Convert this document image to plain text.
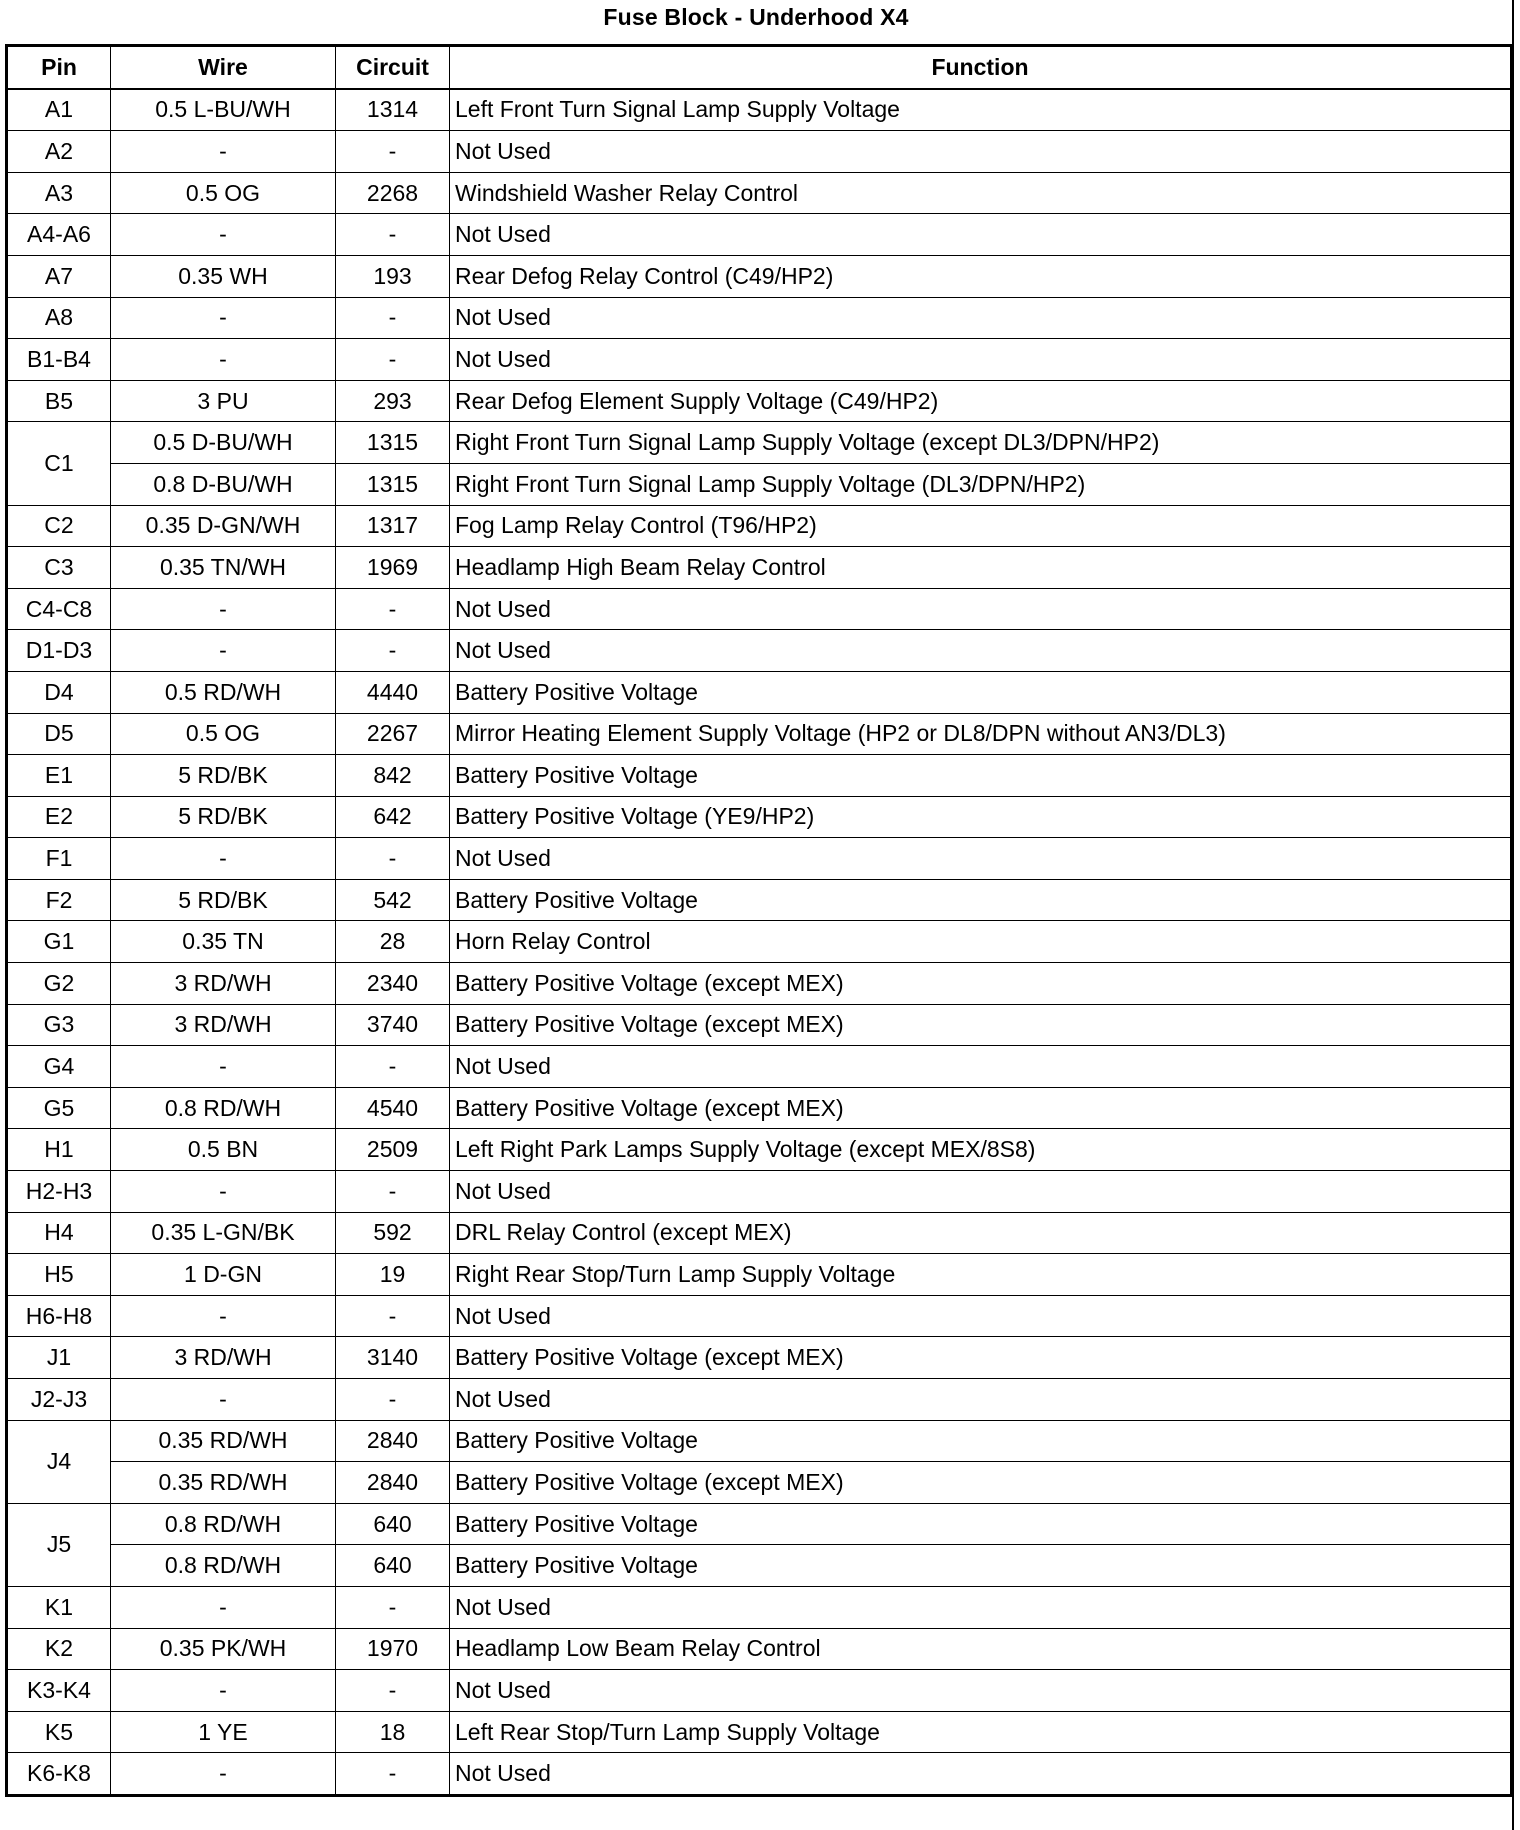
Fuse Block - Underhood X4
Pin	Wire	Circuit	Function
A1	0.5 L-BU/WH	1314	Left Front Turn Signal Lamp Supply Voltage
A2	-	-	Not Used
A3	0.5 OG	2268	Windshield Washer Relay Control
A4-A6	-	-	Not Used
A7	0.35 WH	193	Rear Defog Relay Control (C49/HP2)
A8	-	-	Not Used
B1-B4	-	-	Not Used
B5	3 PU	293	Rear Defog Element Supply Voltage (C49/HP2)
C1	0.5 D-BU/WH	1315	Right Front Turn Signal Lamp Supply Voltage (except DL3/DPN/HP2)
	0.8 D-BU/WH	1315	Right Front Turn Signal Lamp Supply Voltage (DL3/DPN/HP2)
C2	0.35 D-GN/WH	1317	Fog Lamp Relay Control (T96/HP2)
C3	0.35 TN/WH	1969	Headlamp High Beam Relay Control
C4-C8	-	-	Not Used
D1-D3	-	-	Not Used
D4	0.5 RD/WH	4440	Battery Positive Voltage
D5	0.5 OG	2267	Mirror Heating Element Supply Voltage (HP2 or DL8/DPN without AN3/DL3)
E1	5 RD/BK	842	Battery Positive Voltage
E2	5 RD/BK	642	Battery Positive Voltage (YE9/HP2)
F1	-	-	Not Used
F2	5 RD/BK	542	Battery Positive Voltage
G1	0.35 TN	28	Horn Relay Control
G2	3 RD/WH	2340	Battery Positive Voltage (except MEX)
G3	3 RD/WH	3740	Battery Positive Voltage (except MEX)
G4	-	-	Not Used
G5	0.8 RD/WH	4540	Battery Positive Voltage (except MEX)
H1	0.5 BN	2509	Left Right Park Lamps Supply Voltage (except MEX/8S8)
H2-H3	-	-	Not Used
H4	0.35 L-GN/BK	592	DRL Relay Control (except MEX)
H5	1 D-GN	19	Right Rear Stop/Turn Lamp Supply Voltage
H6-H8	-	-	Not Used
J1	3 RD/WH	3140	Battery Positive Voltage (except MEX)
J2-J3	-	-	Not Used
J4	0.35 RD/WH	2840	Battery Positive Voltage
	0.35 RD/WH	2840	Battery Positive Voltage (except MEX)
J5	0.8 RD/WH	640	Battery Positive Voltage
	0.8 RD/WH	640	Battery Positive Voltage
K1	-	-	Not Used
K2	0.35 PK/WH	1970	Headlamp Low Beam Relay Control
K3-K4	-	-	Not Used
K5	1 YE	18	Left Rear Stop/Turn Lamp Supply Voltage
K6-K8	-	-	Not Used
